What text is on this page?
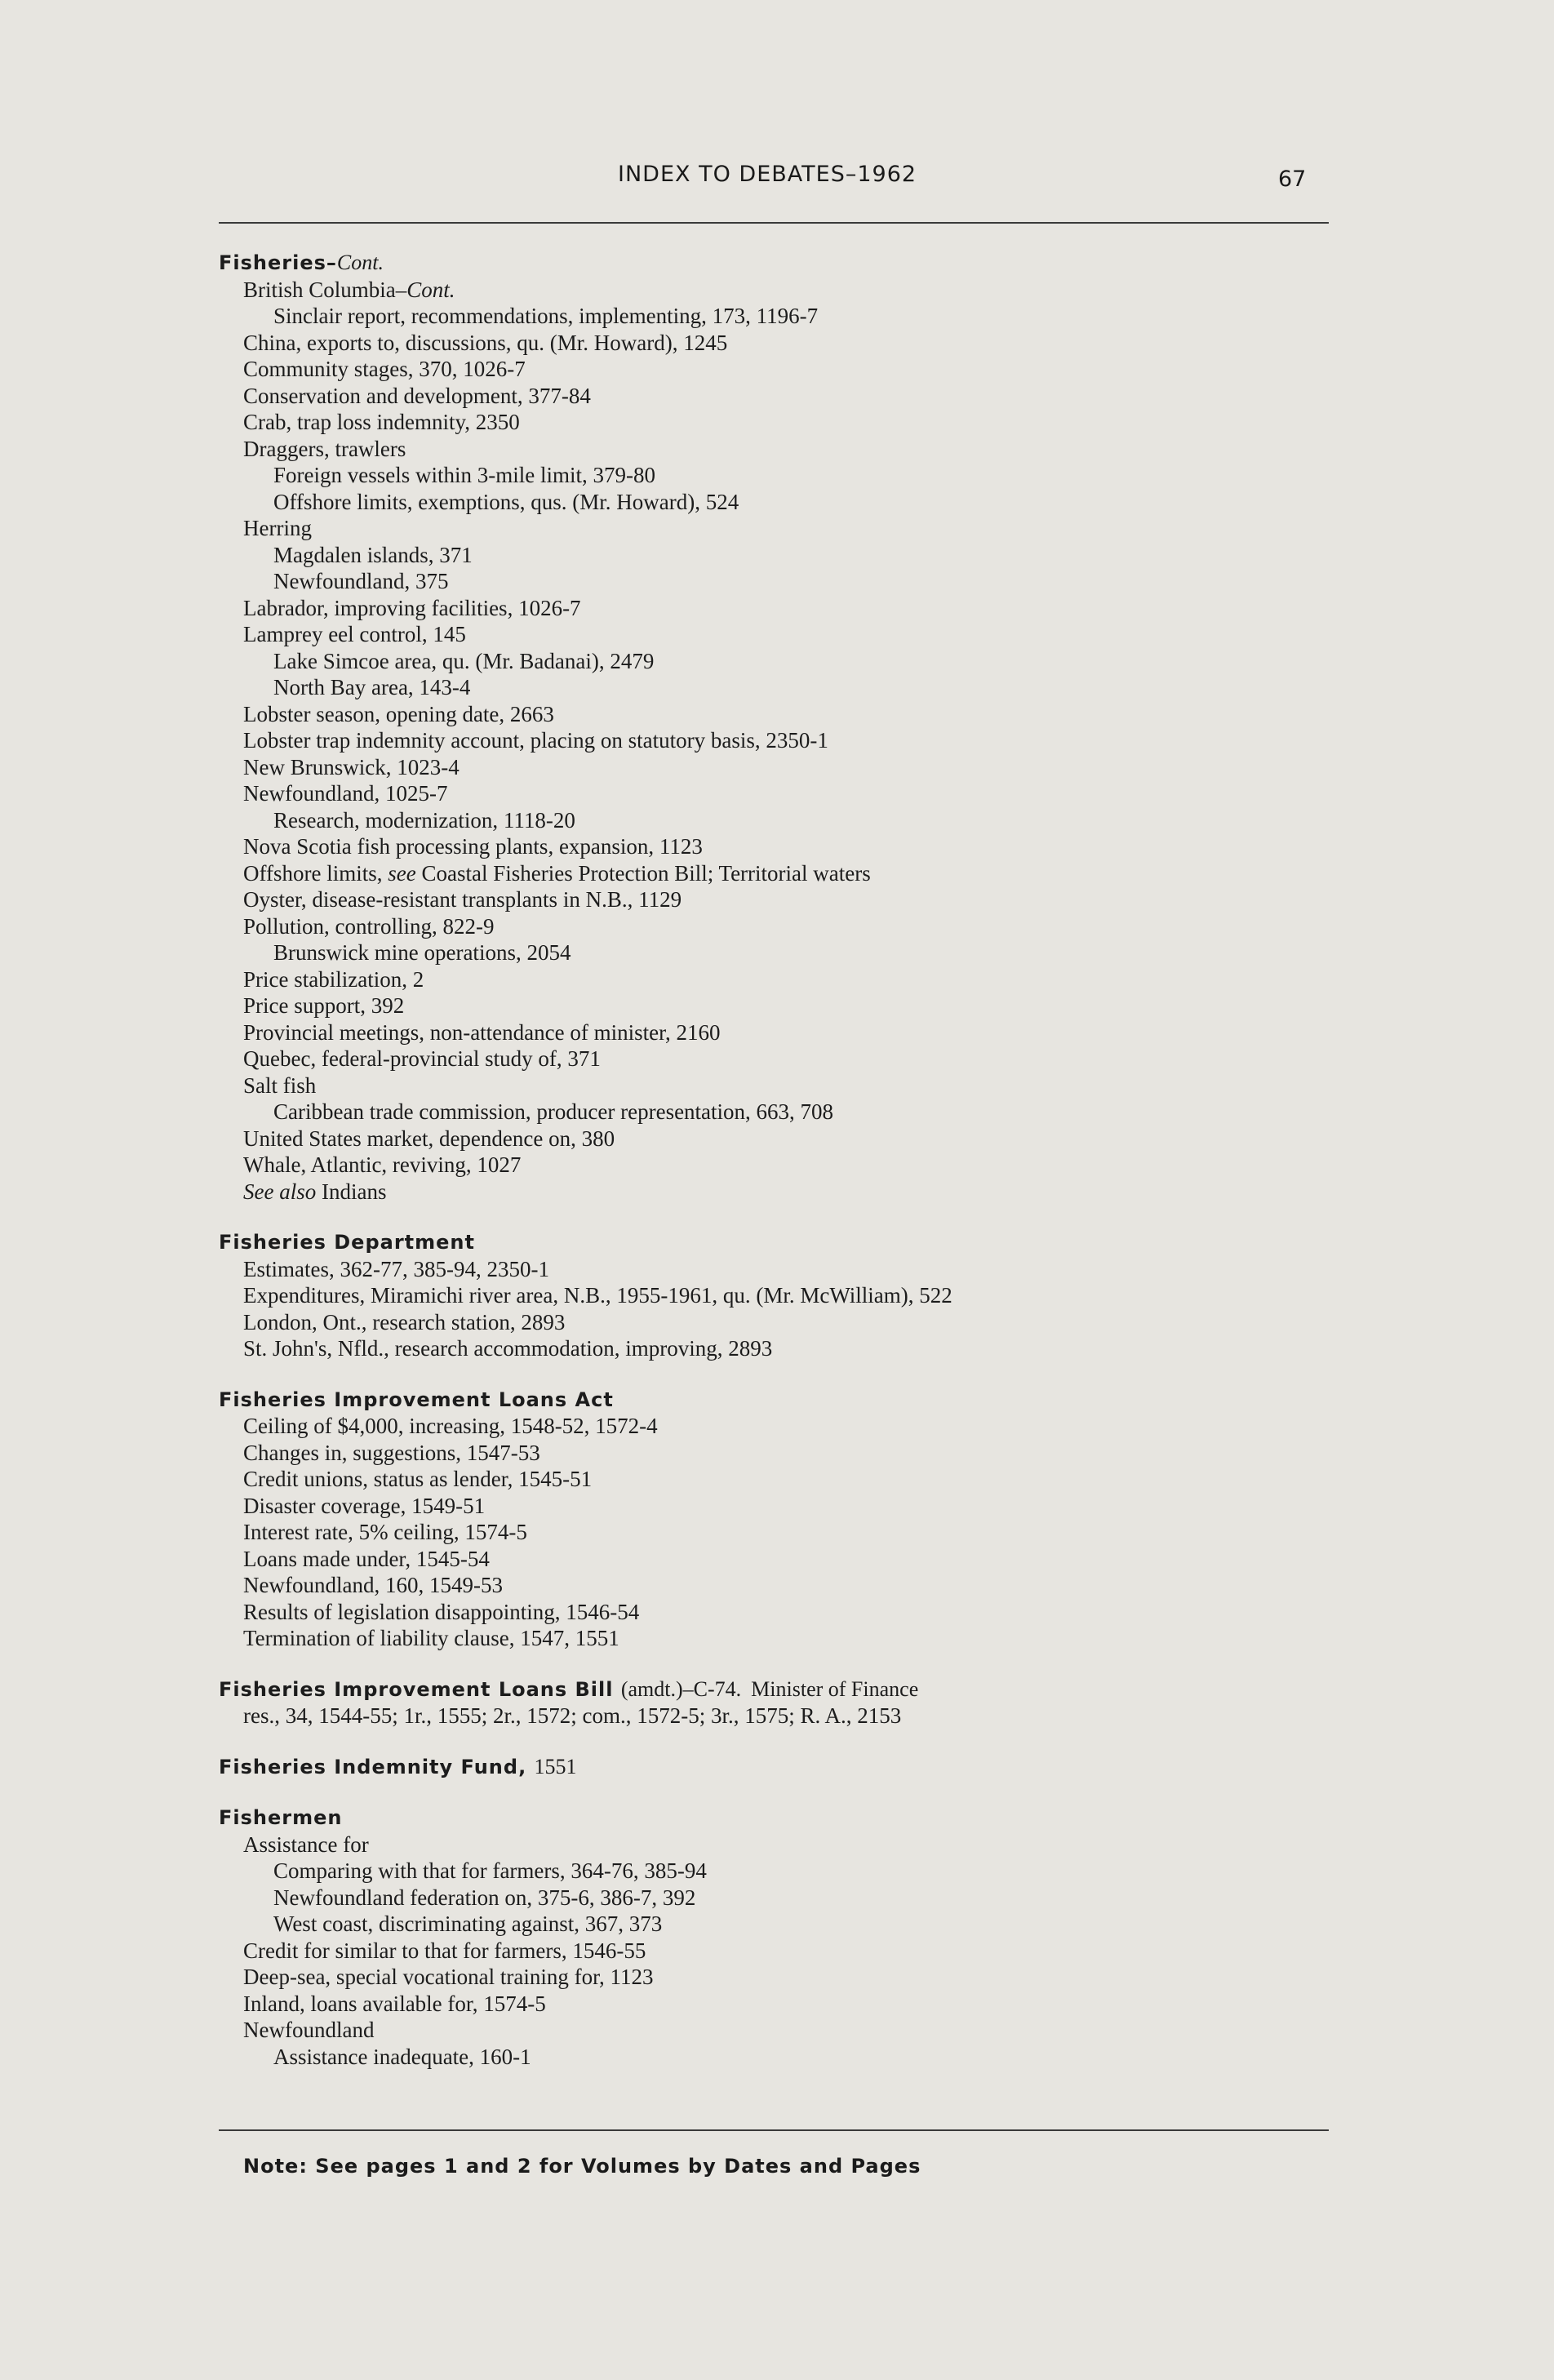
INDEX TO DEBATES–1962	67
Fisheries–Cont.
British Columbia–Cont.
Sinclair report, recommendations, implementing, 173, 1196-7
China, exports to, discussions, qu. (Mr. Howard), 1245
Community stages, 370, 1026-7
Conservation and development, 377-84
Crab, trap loss indemnity, 2350
Draggers, trawlers
Foreign vessels within 3-mile limit, 379-80
Offshore limits, exemptions, qus. (Mr. Howard), 524
Herring
Magdalen islands, 371
Newfoundland, 375
Labrador, improving facilities, 1026-7
Lamprey eel control, 145
Lake Simcoe area, qu. (Mr. Badanai), 2479
North Bay area, 143-4
Lobster season, opening date, 2663
Lobster trap indemnity account, placing on statutory basis, 2350-1
New Brunswick, 1023-4
Newfoundland, 1025-7
Research, modernization, 1118-20
Nova Scotia fish processing plants, expansion, 1123
Offshore limits, see Coastal Fisheries Protection Bill; Territorial waters
Oyster, disease-resistant transplants in N.B., 1129
Pollution, controlling, 822-9
Brunswick mine operations, 2054
Price stabilization, 2
Price support, 392
Provincial meetings, non-attendance of minister, 2160
Quebec, federal-provincial study of, 371
Salt fish
Caribbean trade commission, producer representation, 663, 708
United States market, dependence on, 380
Whale, Atlantic, reviving, 1027
See also Indians
Fisheries Department
Estimates, 362-77, 385-94, 2350-1
Expenditures, Miramichi river area, N.B., 1955-1961, qu. (Mr. McWilliam), 522
London, Ont., research station, 2893
St. John's, Nfld., research accommodation, improving, 2893
Fisheries Improvement Loans Act
Ceiling of $4,000, increasing, 1548-52, 1572-4
Changes in, suggestions, 1547-53
Credit unions, status as lender, 1545-51
Disaster coverage, 1549-51
Interest rate, 5% ceiling, 1574-5
Loans made under, 1545-54
Newfoundland, 160, 1549-53
Results of legislation disappointing, 1546-54
Termination of liability clause, 1547, 1551
Fisheries Improvement Loans Bill (amdt.)–C-74. Minister of Finance
res., 34, 1544-55; 1r., 1555; 2r., 1572; com., 1572-5; 3r., 1575; R. A., 2153
Fisheries Indemnity Fund, 1551
Fishermen
Assistance for
Comparing with that for farmers, 364-76, 385-94
Newfoundland federation on, 375-6, 386-7, 392
West coast, discriminating against, 367, 373
Credit for similar to that for farmers, 1546-55
Deep-sea, special vocational training for, 1123
Inland, loans available for, 1574-5
Newfoundland
Assistance inadequate, 160-1
Note: See pages 1 and 2 for Volumes by Dates and Pages
